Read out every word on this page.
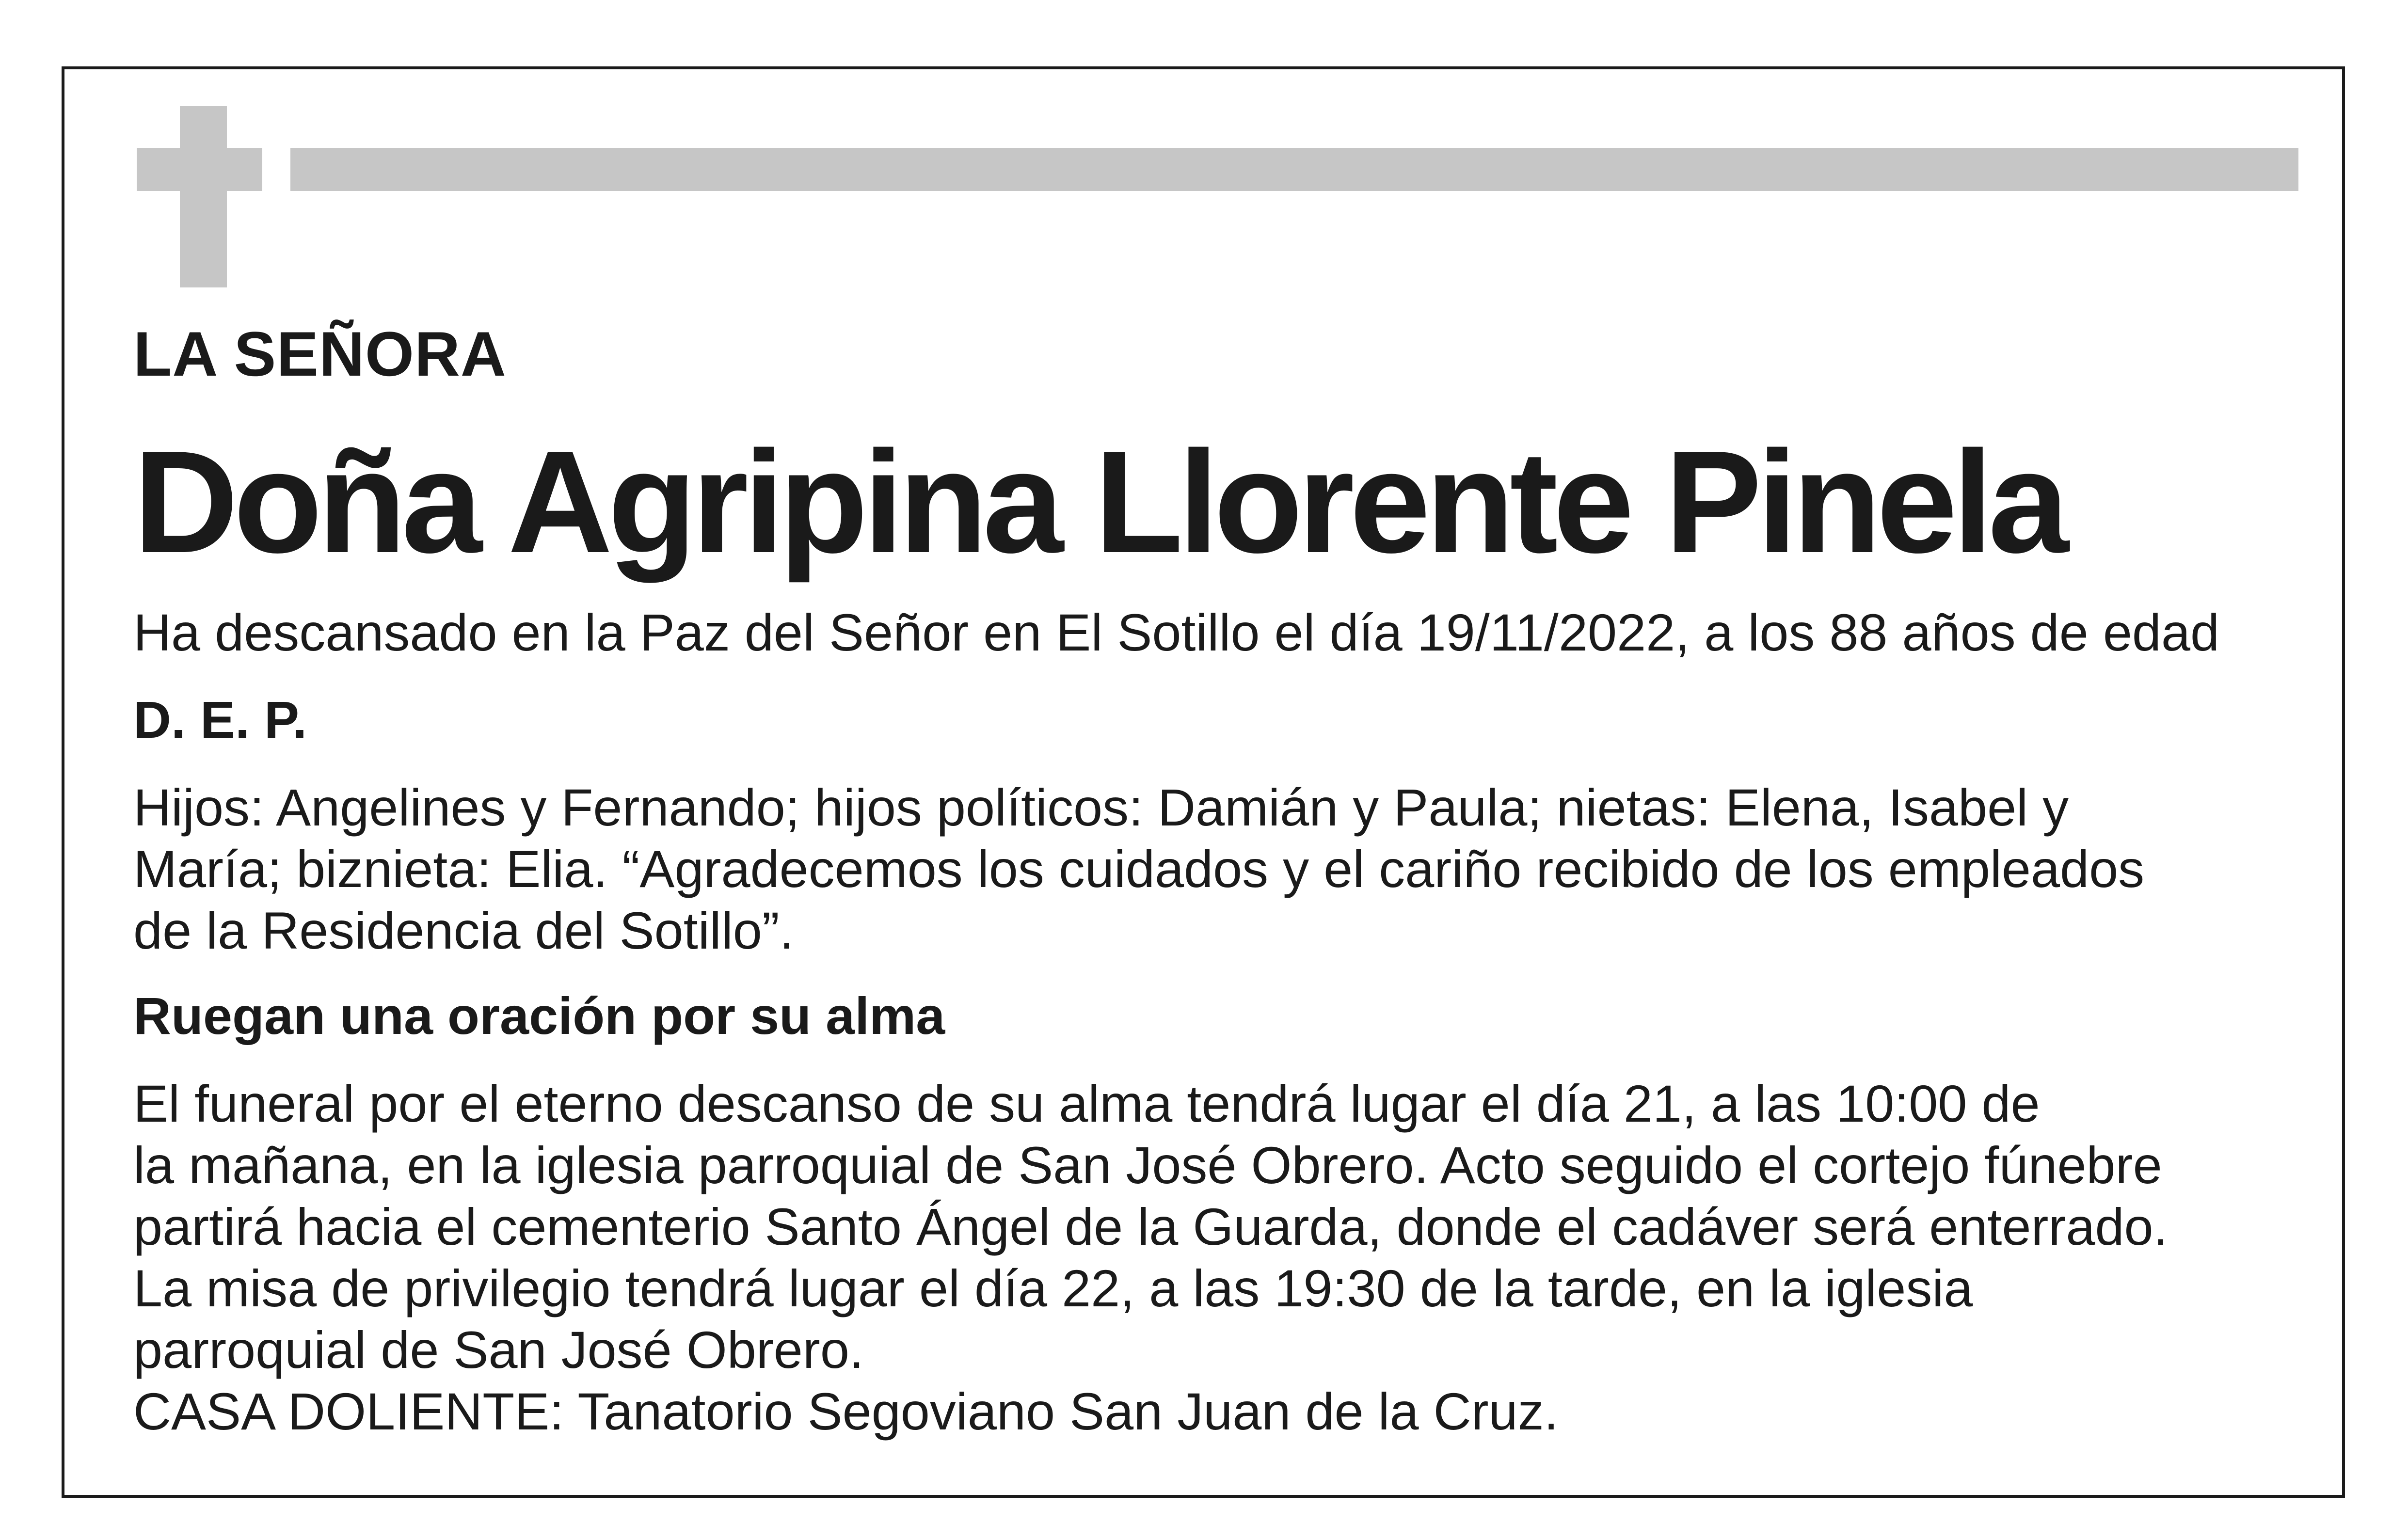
LA SEÑORA
Doña Agripina Llorente Pinela
Ha descansado en la Paz del Señor en El Sotillo el día 19/11/2022, a los 88 años de edad
D. E. P.
Hijos: Angelines y Fernando; hijos políticos: Damián y Paula; nietas: Elena, Isabel y
María; biznieta: Elia. “Agradecemos los cuidados y el cariño recibido de los empleados
de la Residencia del Sotillo”.
Ruegan una oración por su alma
El funeral por el eterno descanso de su alma tendrá lugar el día 21, a las 10:00 de
la mañana, en la iglesia parroquial de San José Obrero. Acto seguido el cortejo fúnebre
partirá hacia el cementerio Santo Ángel de la Guarda, donde el cadáver será enterrado.
La misa de privilegio tendrá lugar el día 22, a las 19:30 de la tarde, en la iglesia
parroquial de San José Obrero.
CASA DOLIENTE: Tanatorio Segoviano San Juan de la Cruz.
